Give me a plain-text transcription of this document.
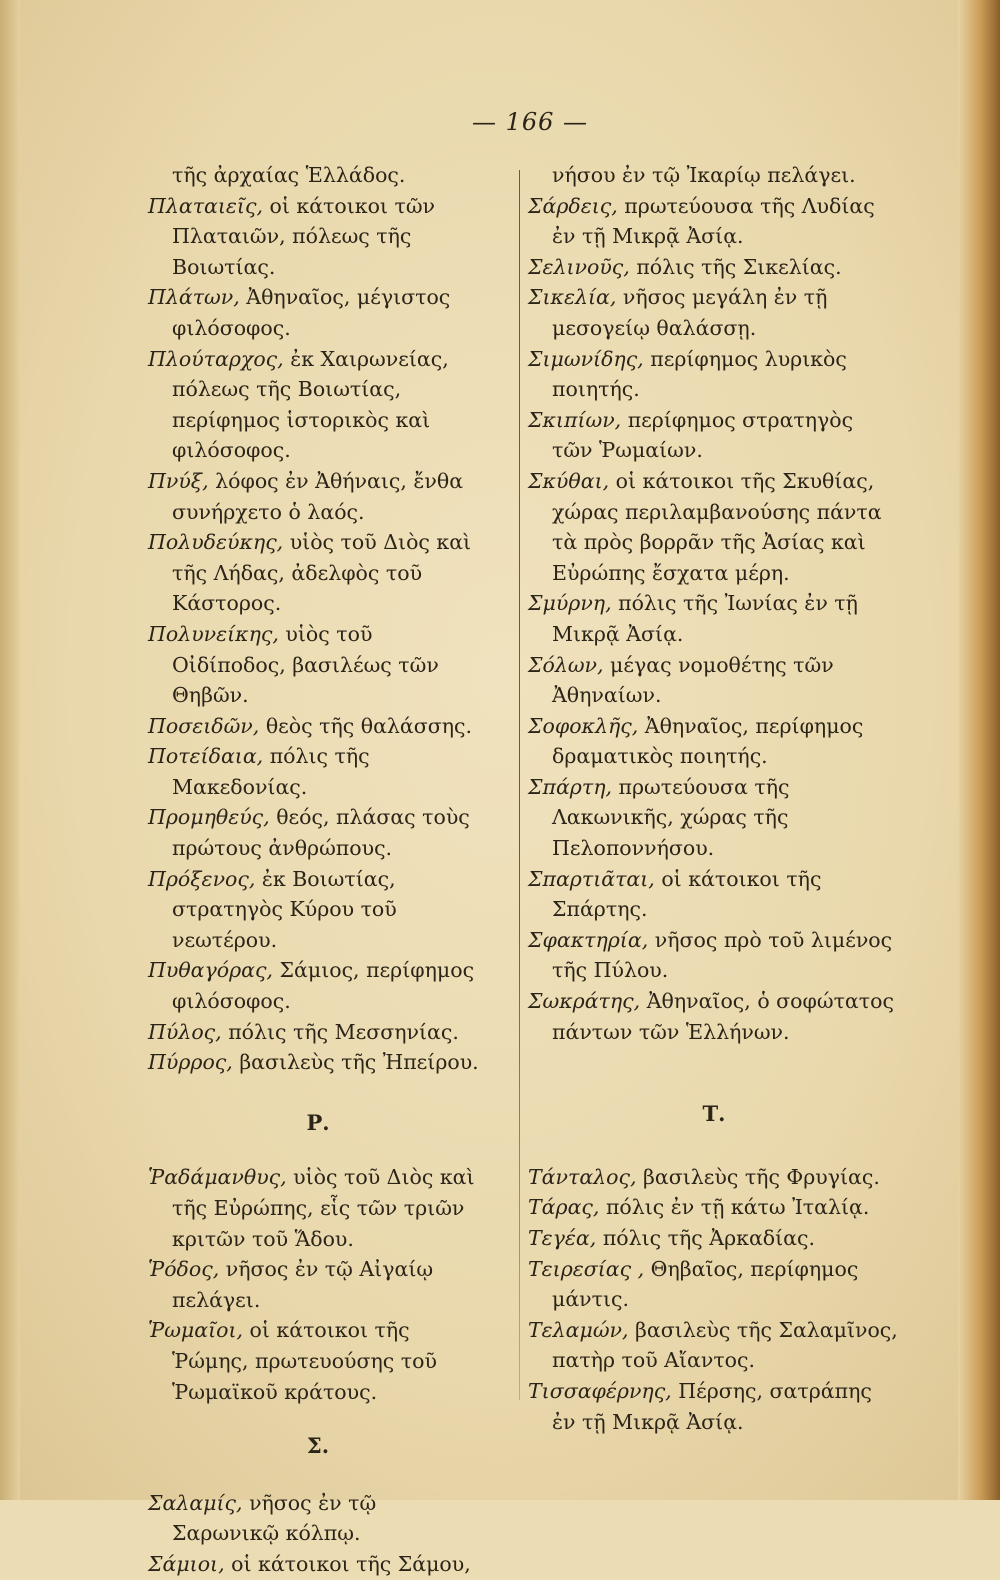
— 166 —

τῆς ἀρχαίας Ἑλλάδος.

Πλαταιεῖς, οἱ κάτοικοι τῶν Πλαταιῶν, πόλεως τῆς Βοιωτίας.

Πλάτων, Ἀθηναῖος, μέγιστος φιλόσοφος.

Πλούταρχος, ἐκ Χαιρωνείας, πόλεως τῆς Βοιωτίας, περίφημος ἱστορικὸς καὶ φιλόσοφος.

Πνύξ, λόφος ἐν Ἀθήναις, ἔνθα συνήρχετο ὁ λαός.

Πολυδεύκης, υἱὸς τοῦ Διὸς καὶ τῆς Λήδας, ἀδελφὸς τοῦ Κάστορος.

Πολυνείκης, υἱὸς τοῦ Οἰδίποδος, βασιλέως τῶν Θηβῶν.

Ποσειδῶν, θεὸς τῆς θαλάσσης.

Ποτείδαια, πόλις τῆς Μακεδονίας.

Προμηθεύς, θεός, πλάσας τοὺς πρώτους ἀνθρώπους.

Πρόξενος, ἐκ Βοιωτίας, στρατηγὸς Κύρου τοῦ νεωτέρου.

Πυθαγόρας, Σάμιος, περίφημος φιλόσοφος.

Πύλος, πόλις τῆς Μεσσηνίας.

Πύρρος, βασιλεὺς τῆς Ἠπείρου.

Ρ.

Ῥαδάμανθυς, υἱὸς τοῦ Διὸς καὶ τῆς Εὐρώπης, εἷς τῶν τριῶν κριτῶν τοῦ Ἅδου.

Ῥόδος, νῆσος ἐν τῷ Αἰγαίῳ πελάγει.

Ῥωμαῖοι, οἱ κάτοικοι τῆς Ῥώμης, πρωτευούσης τοῦ Ῥωμαϊκοῦ κράτους.

Σ.

Σαλαμίς, νῆσος ἐν τῷ Σαρωνικῷ κόλπῳ.

Σάμιοι, οἱ κάτοικοι τῆς Σάμου,

νήσου ἐν τῷ Ἰκαρίῳ πελάγει.

Σάρδεις, πρωτεύουσα τῆς Λυδίας ἐν τῇ Μικρᾷ Ἀσίᾳ.

Σελινοῦς, πόλις τῆς Σικελίας.

Σικελία, νῆσος μεγάλη ἐν τῇ μεσογείῳ θαλάσσῃ.

Σιμωνίδης, περίφημος λυρικὸς ποιητής.

Σκιπίων, περίφημος στρατηγὸς τῶν Ῥωμαίων.

Σκύθαι, οἱ κάτοικοι τῆς Σκυθίας, χώρας περιλαμβανούσης πάντα τὰ πρὸς βορρᾶν τῆς Ἀσίας καὶ Εὐρώπης ἔσχατα μέρη.

Σμύρνη, πόλις τῆς Ἰωνίας ἐν τῇ Μικρᾷ Ἀσίᾳ.

Σόλων, μέγας νομοθέτης τῶν Ἀθηναίων.

Σοφοκλῆς, Ἀθηναῖος, περίφημος δραματικὸς ποιητής.

Σπάρτη, πρωτεύουσα τῆς Λακωνικῆς, χώρας τῆς Πελοποννήσου.

Σπαρτιᾶται, οἱ κάτοικοι τῆς Σπάρτης.

Σφακτηρία, νῆσος πρὸ τοῦ λιμένος τῆς Πύλου.

Σωκράτης, Ἀθηναῖος, ὁ σοφώτατος πάντων τῶν Ἑλλήνων.

Τ.

Τάνταλος, βασιλεὺς τῆς Φρυγίας.

Τάρας, πόλις ἐν τῇ κάτω Ἰταλίᾳ.

Τεγέα, πόλις τῆς Ἀρκαδίας.

Τειρεσίας , Θηβαῖος, περίφημος μάντις.

Τελαμών, βασιλεὺς τῆς Σαλαμῖνος, πατὴρ τοῦ Αἴαντος.

Τισσαφέρνης, Πέρσης, σατράπης ἐν τῇ Μικρᾷ Ἀσίᾳ.
